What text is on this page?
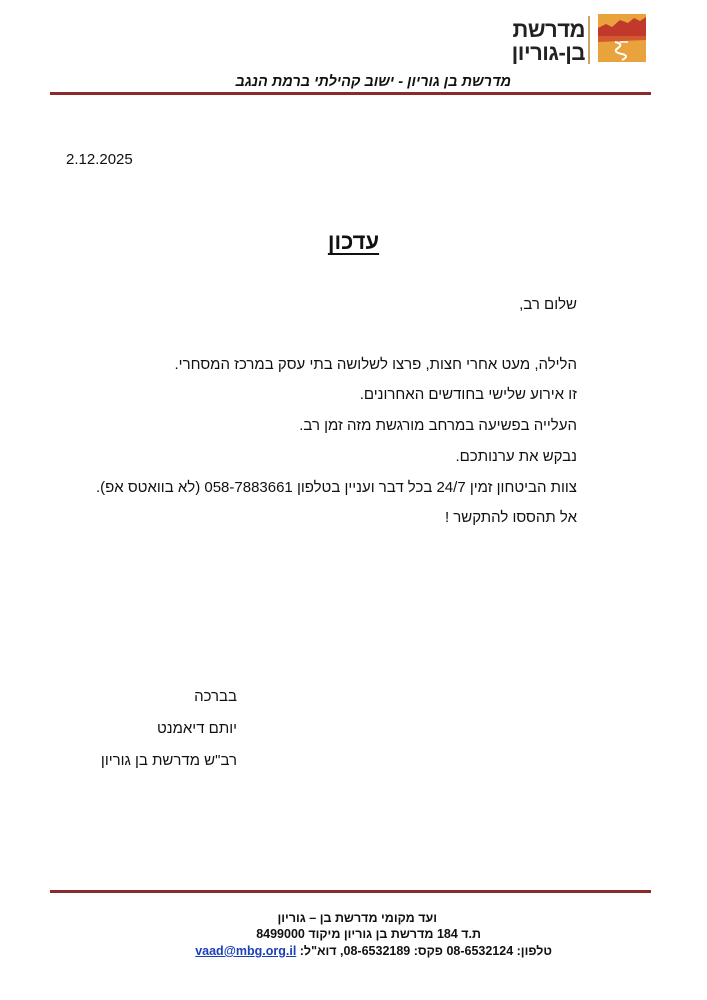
מדרשת
בן-גוריון
מדרשת בן גוריון - ישוב קהילתי ברמת הנגב
2.12.2025
עדכון
שלום רב,
הלילה, מעט אחרי חצות, פרצו לשלושה בתי עסק במרכז המסחרי.
זו אירוע שלישי בחודשים האחרונים.
העלייה בפשיעה במרחב מורגשת מזה זמן רב.
נבקש את ערנותכם.
צוות הביטחון זמין 24/7 בכל דבר ועניין בטלפון 058-7883661 (לא בוואטס אפ).
אל תהססו להתקשר !
בברכה
יותם דיאמנט
רב"ש מדרשת בן גוריון
ועד מקומי מדרשת בן – גוריון
ת.ד 184 מדרשת בן גוריון מיקוד 8499000
טלפון: 08-6532124 פקס: 08-6532189, דוא"ל: vaad@mbg.org.il
